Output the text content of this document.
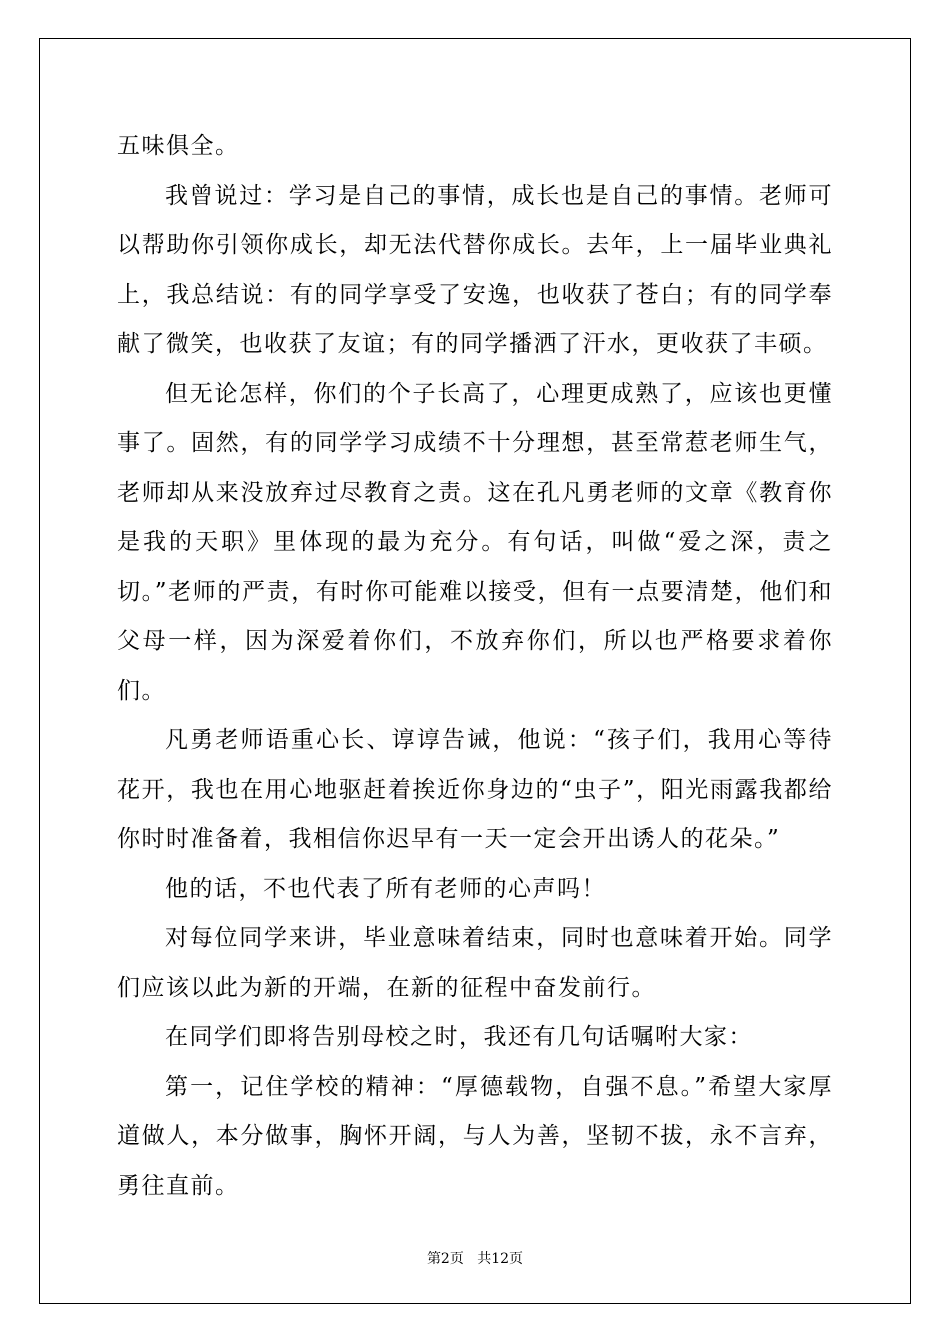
五味俱全。

我曾说过：学习是自己的事情，成长也是自己的事情。老师可以帮助你引领你成长，却无法代替你成长。去年，上一届毕业典礼上，我总结说：有的同学享受了安逸，也收获了苍白；有的同学奉献了微笑，也收获了友谊；有的同学播洒了汗水，更收获了丰硕。

但无论怎样，你们的个子长高了，心理更成熟了，应该也更懂事了。固然，有的同学学习成绩不十分理想，甚至常惹老师生气，老师却从来没放弃过尽教育之责。这在孔凡勇老师的文章《教育你是我的天职》里体现的最为充分。有句话，叫做“爱之深，责之切。”老师的严责，有时你可能难以接受，但有一点要清楚，他们和父母一样，因为深爱着你们，不放弃你们，所以也严格要求着你们。

凡勇老师语重心长、谆谆告诫，他说：“孩子们，我用心等待花开，我也在用心地驱赶着挨近你身边的“虫子”，阳光雨露我都给你时时准备着，我相信你迟早有一天一定会开出诱人的花朵。”

他的话，不也代表了所有老师的心声吗！

对每位同学来讲，毕业意味着结束，同时也意味着开始。同学们应该以此为新的开端，在新的征程中奋发前行。

在同学们即将告别母校之时，我还有几句话嘱咐大家：

第一，记住学校的精神：“厚德载物，自强不息。”希望大家厚道做人，本分做事，胸怀开阔，与人为善，坚韧不拔，永不言弃，勇往直前。

第2页 共12页
